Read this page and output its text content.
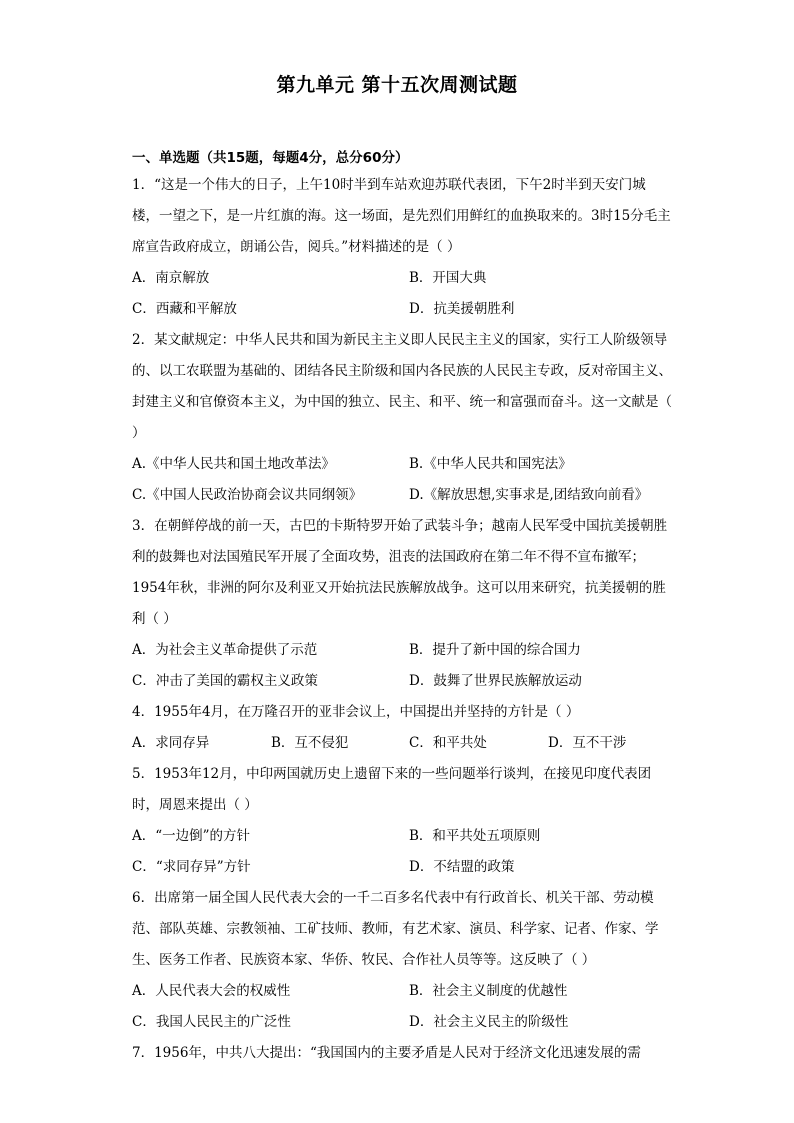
第九单元 第十五次周测试题
一、单选题（共15题，每题4分，总分60分）

1．“这是一个伟大的日子，上午10时半到车站欢迎苏联代表团，下午2时半到天安门城楼，一望之下，是一片红旗的海。这一场面，是先烈们用鲜红的血换取来的。3时15分毛主席宣告政府成立，朗诵公告，阅兵。”材料描述的是（ ）

A．南京解放	B．开国大典
C．西藏和平解放	D．抗美援朝胜利

2．某文献规定：中华人民共和国为新民主主义即人民民主主义的国家，实行工人阶级领导的、以工农联盟为基础的、团结各民主阶级和国内各民族的人民民主专政，反对帝国主义、封建主义和官僚资本主义，为中国的独立、民主、和平、统一和富强而奋斗。这一文献是（ ）

A.《中华人民共和国土地改革法》	B.《中华人民共和国宪法》
C.《中国人民政治协商会议共同纲领》	D.《解放思想,实事求是,团结致向前看》

3．在朝鲜停战的前一天，古巴的卡斯特罗开始了武装斗争；越南人民军受中国抗美援朝胜利的鼓舞也对法国殖民军开展了全面攻势，沮丧的法国政府在第二年不得不宣布撤军；1954年秋，非洲的阿尔及利亚又开始抗法民族解放战争。这可以用来研究，抗美援朝的胜利（ ）

A．为社会主义革命提供了示范	B．提升了新中国的综合国力
C．冲击了美国的霸权主义政策	D．鼓舞了世界民族解放运动

4．1955年4月，在万隆召开的亚非会议上，中国提出并坚持的方针是（ ）

A．求同存异	B．互不侵犯	C．和平共处	D．互不干涉

5．1953年12月，中印两国就历史上遗留下来的一些问题举行谈判，在接见印度代表团时，周恩来提出（ ）

A．“一边倒”的方针	B．和平共处五项原则
C．“求同存异”方针	D．不结盟的政策

6．出席第一届全国人民代表大会的一千二百多名代表中有行政首长、机关干部、劳动模范、部队英雄、宗教领袖、工矿技师、教师，有艺术家、演员、科学家、记者、作家、学生、医务工作者、民族资本家、华侨、牧民、合作社人员等等。这反映了（ ）

A．人民代表大会的权威性	B．社会主义制度的优越性
C．我国人民民主的广泛性	D．社会主义民主的阶级性

7．1956年，中共八大提出：“我国国内的主要矛盾是人民对于经济文化迅速发展的需
